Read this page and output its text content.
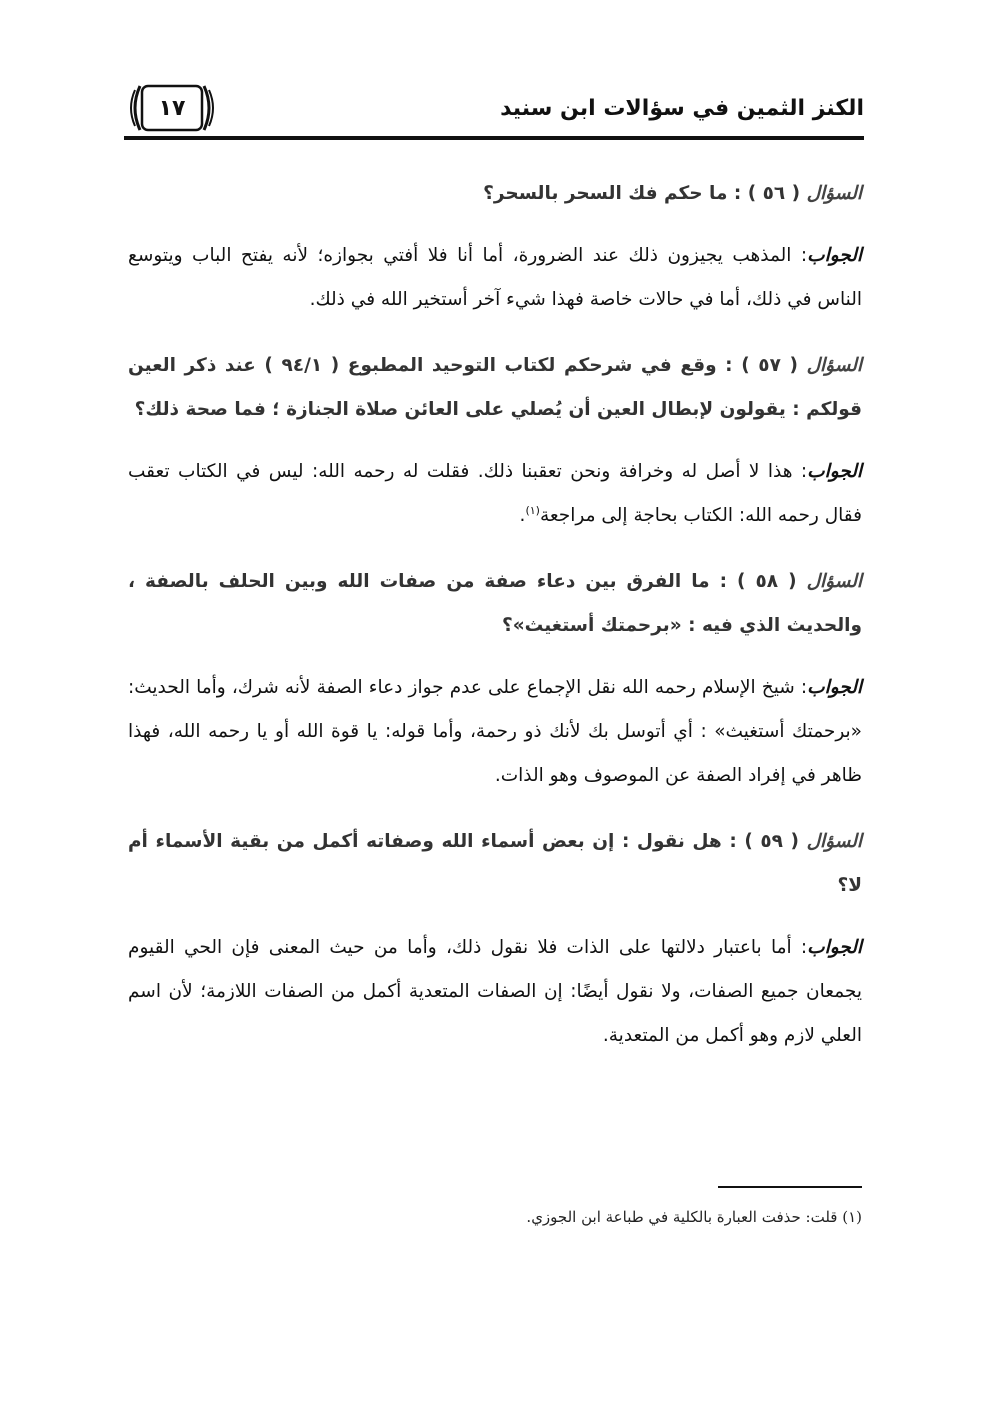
الكنز الثمين في سؤالات ابن سنيد
١٧

السؤال ( ٥٦ ) : ما حكم فك السحر بالسحر؟

الجواب: المذهب يجيزون ذلك عند الضرورة، أما أنا فلا أفتي بجوازه؛ لأنه يفتح الباب ويتوسع الناس في ذلك، أما في حالات خاصة فهذا شيء آخر أستخير الله في ذلك.

السؤال ( ٥٧ ) : وقع في شرحكم لكتاب التوحيد المطبوع ( ٩٤/١ ) عند ذكر العين قولكم : يقولون لإبطال العين أن يُصلي على العائن صلاة الجنازة ؛ فما صحة ذلك؟

الجواب: هذا لا أصل له وخرافة ونحن تعقبنا ذلك. فقلت له رحمه الله: ليس في الكتاب تعقب فقال رحمه الله: الكتاب بحاجة إلى مراجعة$^{(١)}$.

السؤال ( ٥٨ ) : ما الفرق بين دعاء صفة من صفات الله وبين الحلف بالصفة ، والحديث الذي فيه : «برحمتك أستغيث»؟

الجواب: شيخ الإسلام رحمه الله نقل الإجماع على عدم جواز دعاء الصفة لأنه شرك، وأما الحديث: «برحمتك أستغيث» : أي أتوسل بك لأنك ذو رحمة، وأما قوله: يا قوة الله أو يا رحمه الله، فهذا ظاهر في إفراد الصفة عن الموصوف وهو الذات.

السؤال ( ٥٩ ) : هل نقول : إن بعض أسماء الله وصفاته أكمل من بقية الأسماء أم لا؟

الجواب: أما باعتبار دلالتها على الذات فلا نقول ذلك، وأما من حيث المعنى فإن الحي القيوم يجمعان جميع الصفات، ولا نقول أيضًا: إن الصفات المتعدية أكمل من الصفات اللازمة؛ لأن اسم العلي لازم وهو أكمل من المتعدية.

(١) قلت: حذفت العبارة بالكلية في طباعة ابن الجوزي.
